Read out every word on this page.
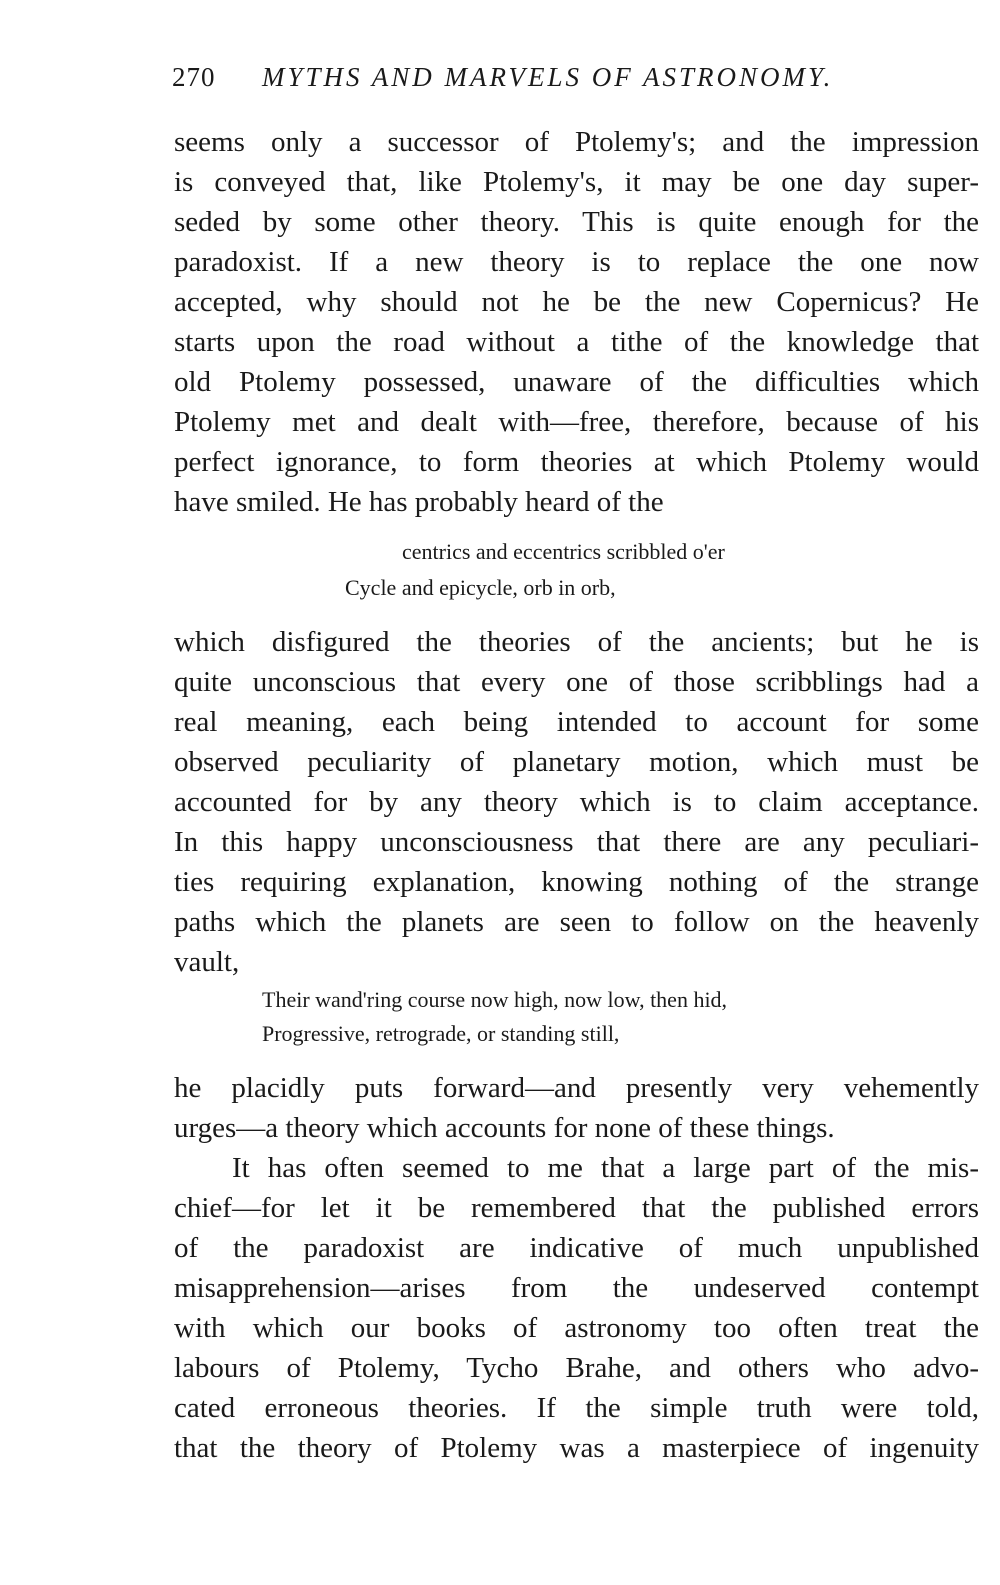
270 MYTHS AND MARVELS OF ASTRONOMY.
seems only a successor of Ptolemy's; and the impression
is conveyed that, like Ptolemy's, it may be one day super-
seded by some other theory. This is quite enough for the
paradoxist. If a new theory is to replace the one now
accepted, why should not he be the new Copernicus? He
starts upon the road without a tithe of the knowledge that
old Ptolemy possessed, unaware of the difficulties which
Ptolemy met and dealt with—free, therefore, because of his
perfect ignorance, to form theories at which Ptolemy would
have smiled. He has probably heard of the
centrics and eccentrics scribbled o'er
Cycle and epicycle, orb in orb,
which disfigured the theories of the ancients; but he is
quite unconscious that every one of those scribblings had a
real meaning, each being intended to account for some
observed peculiarity of planetary motion, which must be
accounted for by any theory which is to claim acceptance.
In this happy unconsciousness that there are any peculiari-
ties requiring explanation, knowing nothing of the strange
paths which the planets are seen to follow on the heavenly
vault,
Their wand'ring course now high, now low, then hid,
Progressive, retrograde, or standing still,
he placidly puts forward—and presently very vehemently
urges—a theory which accounts for none of these things.
It has often seemed to me that a large part of the mis-
chief—for let it be remembered that the published errors
of the paradoxist are indicative of much unpublished
misapprehension—arises from the undeserved contempt
with which our books of astronomy too often treat the
labours of Ptolemy, Tycho Brahe, and others who advo-
cated erroneous theories. If the simple truth were told,
that the theory of Ptolemy was a masterpiece of ingenuity
